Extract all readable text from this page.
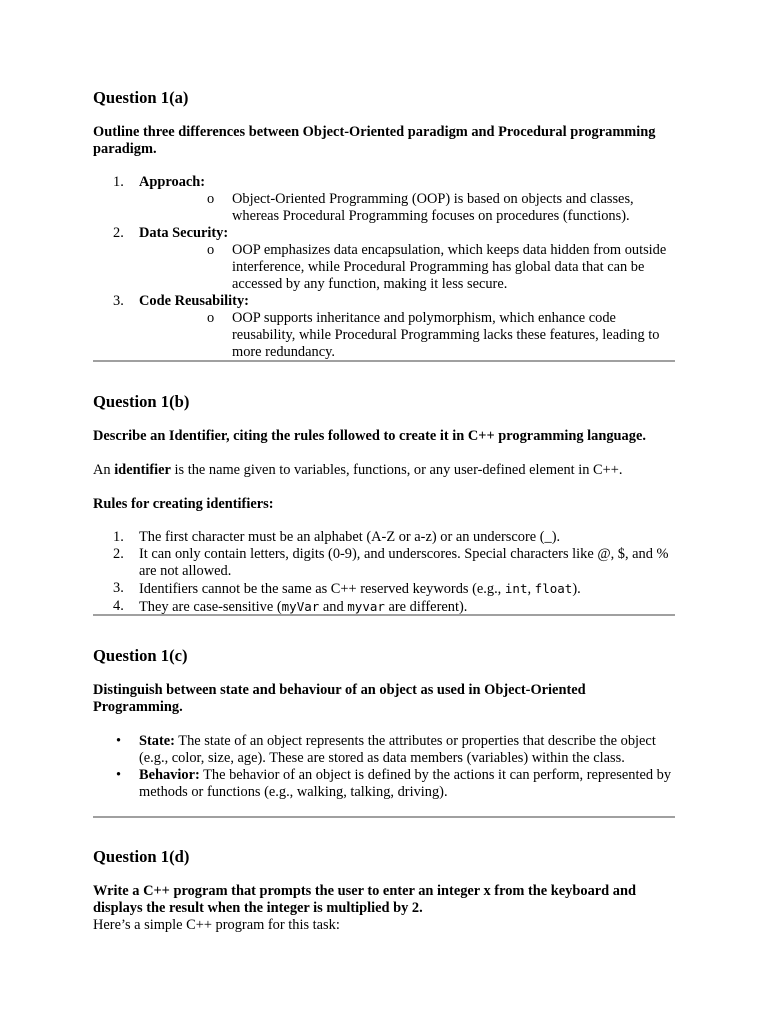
Question 1(a)

Outline three differences between Object-Oriented paradigm and Procedural programming paradigm.

1. Approach:
o Object-Oriented Programming (OOP) is based on objects and classes, whereas Procedural Programming focuses on procedures (functions).
2. Data Security:
o OOP emphasizes data encapsulation, which keeps data hidden from outside interference, while Procedural Programming has global data that can be accessed by any function, making it less secure.
3. Code Reusability:
o OOP supports inheritance and polymorphism, which enhance code reusability, while Procedural Programming lacks these features, leading to more redundancy.
Question 1(b)

Describe an Identifier, citing the rules followed to create it in C++ programming language.

An identifier is the name given to variables, functions, or any user-defined element in C++.

Rules for creating identifiers:

1. The first character must be an alphabet (A-Z or a-z) or an underscore (_).
2. It can only contain letters, digits (0-9), and underscores. Special characters like @, $, and % are not allowed.
3. Identifiers cannot be the same as C++ reserved keywords (e.g., int, float).
4. They are case-sensitive (myVar and myvar are different).
Question 1(c)

Distinguish between state and behaviour of an object as used in Object-Oriented Programming.

• State: The state of an object represents the attributes or properties that describe the object (e.g., color, size, age). These are stored as data members (variables) within the class.
• Behavior: The behavior of an object is defined by the actions it can perform, represented by methods or functions (e.g., walking, talking, driving).
Question 1(d)

Write a C++ program that prompts the user to enter an integer x from the keyboard and displays the result when the integer is multiplied by 2.

Here’s a simple C++ program for this task:
